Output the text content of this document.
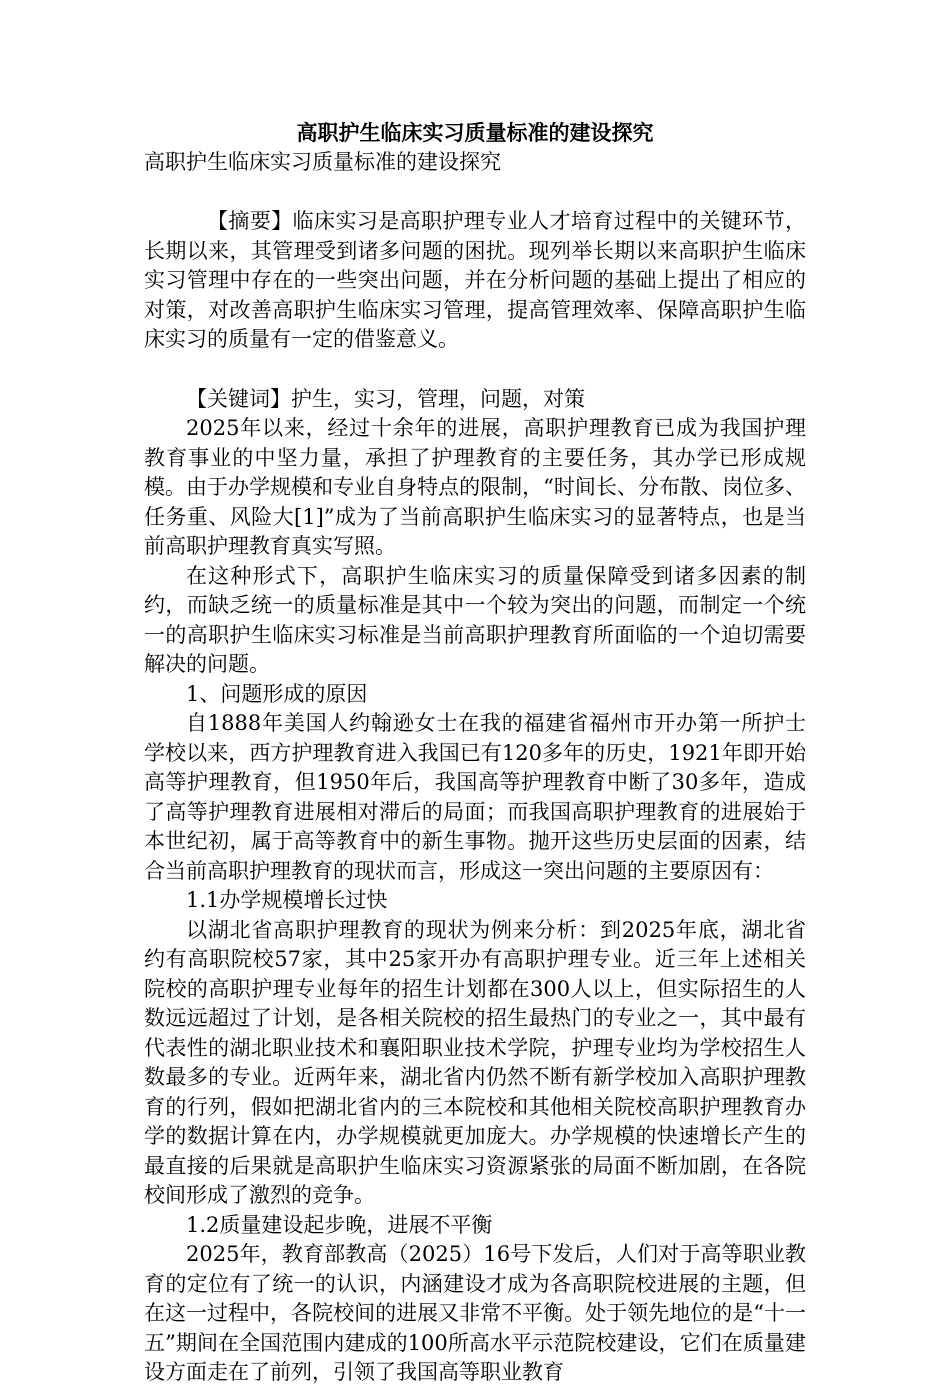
高职护生临床实习质量标准的建设探究
高职护生临床实习质量标准的建设探究

【摘要】临床实习是高职护理专业人才培育过程中的关键环节，长期以来，其管理受到诸多问题的困扰。现列举长期以来高职护生临床实习管理中存在的一些突出问题，并在分析问题的基础上提出了相应的对策，对改善高职护生临床实习管理，提高管理效率、保障高职护生临床实习的质量有一定的借鉴意义。

【关键词】护生，实习，管理，问题，对策

2025年以来，经过十余年的进展，高职护理教育已成为我国护理教育事业的中坚力量，承担了护理教育的主要任务，其办学已形成规模。由于办学规模和专业自身特点的限制，“时间长、分布散、岗位多、任务重、风险大[1]”成为了当前高职护生临床实习的显著特点，也是当前高职护理教育真实写照。

在这种形式下，高职护生临床实习的质量保障受到诸多因素的制约，而缺乏统一的质量标准是其中一个较为突出的问题，而制定一个统一的高职护生临床实习标准是当前高职护理教育所面临的一个迫切需要解决的问题。

1、问题形成的原因

自1888年美国人约翰逊女士在我的福建省福州市开办第一所护士学校以来，西方护理教育进入我国已有120多年的历史，1921年即开始高等护理教育，但1950年后，我国高等护理教育中断了30多年，造成了高等护理教育进展相对滞后的局面；而我国高职护理教育的进展始于本世纪初，属于高等教育中的新生事物。抛开这些历史层面的因素，结合当前高职护理教育的现状而言，形成这一突出问题的主要原因有：

1.1办学规模增长过快

以湖北省高职护理教育的现状为例来分析：到2025年底，湖北省约有高职院校57家，其中25家开办有高职护理专业。近三年上述相关院校的高职护理专业每年的招生计划都在300人以上，但实际招生的人数远远超过了计划，是各相关院校的招生最热门的专业之一，其中最有代表性的湖北职业技术和襄阳职业技术学院，护理专业均为学校招生人数最多的专业。近两年来，湖北省内仍然不断有新学校加入高职护理教育的行列，假如把湖北省内的三本院校和其他相关院校高职护理教育办学的数据计算在内，办学规模就更加庞大。办学规模的快速增长产生的最直接的后果就是高职护生临床实习资源紧张的局面不断加剧，在各院校间形成了激烈的竞争。

1.2质量建设起步晚，进展不平衡

2025年，教育部教高（2025）16号下发后，人们对于高等职业教育的定位有了统一的认识，内涵建设才成为各高职院校进展的主题，但在这一过程中，各院校间的进展又非常不平衡。处于领先地位的是“十一五”期间在全国范围内建成的100所高水平示范院校建设，它们在质量建设方面走在了前列，引领了我国高等职业教育
